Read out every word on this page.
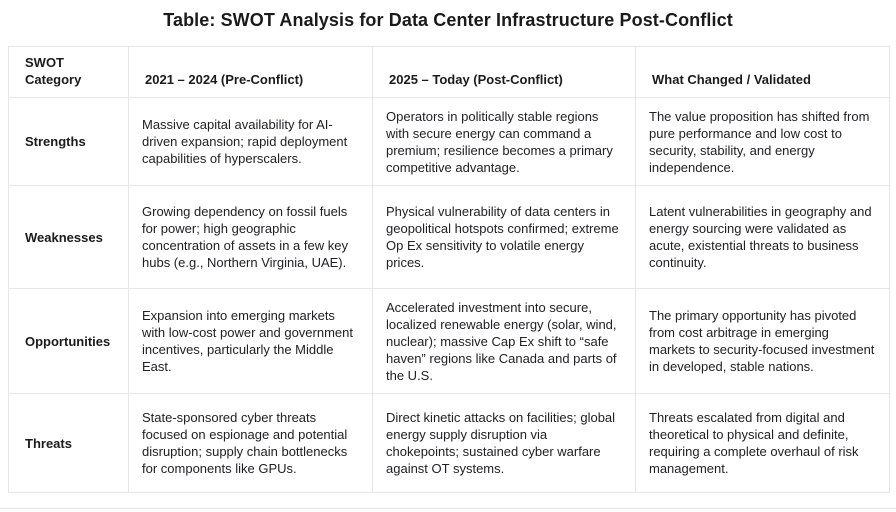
Table: SWOT Analysis for Data Center Infrastructure Post-Conflict
SWOT Category	2021 – 2024 (Pre-Conflict)	2025 – Today (Post-Conflict)	What Changed / Validated
Strengths	Massive capital availability for AI-driven expansion; rapid deployment capabilities of hyperscalers.	Operators in politically stable regions with secure energy can command a premium; resilience becomes a primary competitive advantage.	The value proposition has shifted from pure performance and low cost to security, stability, and energy independence.
Weaknesses	Growing dependency on fossil fuels for power; high geographic concentration of assets in a few key hubs (e.g., Northern Virginia, UAE).	Physical vulnerability of data centers in geopolitical hotspots confirmed; extreme Op Ex sensitivity to volatile energy prices.	Latent vulnerabilities in geography and energy sourcing were validated as acute, existential threats to business continuity.
Opportunities	Expansion into emerging markets with low-cost power and government incentives, particularly the Middle East.	Accelerated investment into secure, localized renewable energy (solar, wind, nuclear); massive Cap Ex shift to “safe haven” regions like Canada and parts of the U.S.	The primary opportunity has pivoted from cost arbitrage in emerging markets to security-focused investment in developed, stable nations.
Threats	State-sponsored cyber threats focused on espionage and potential disruption; supply chain bottlenecks for components like GPUs.	Direct kinetic attacks on facilities; global energy supply disruption via chokepoints; sustained cyber warfare against OT systems.	Threats escalated from digital and theoretical to physical and definite, requiring a complete overhaul of risk management.
